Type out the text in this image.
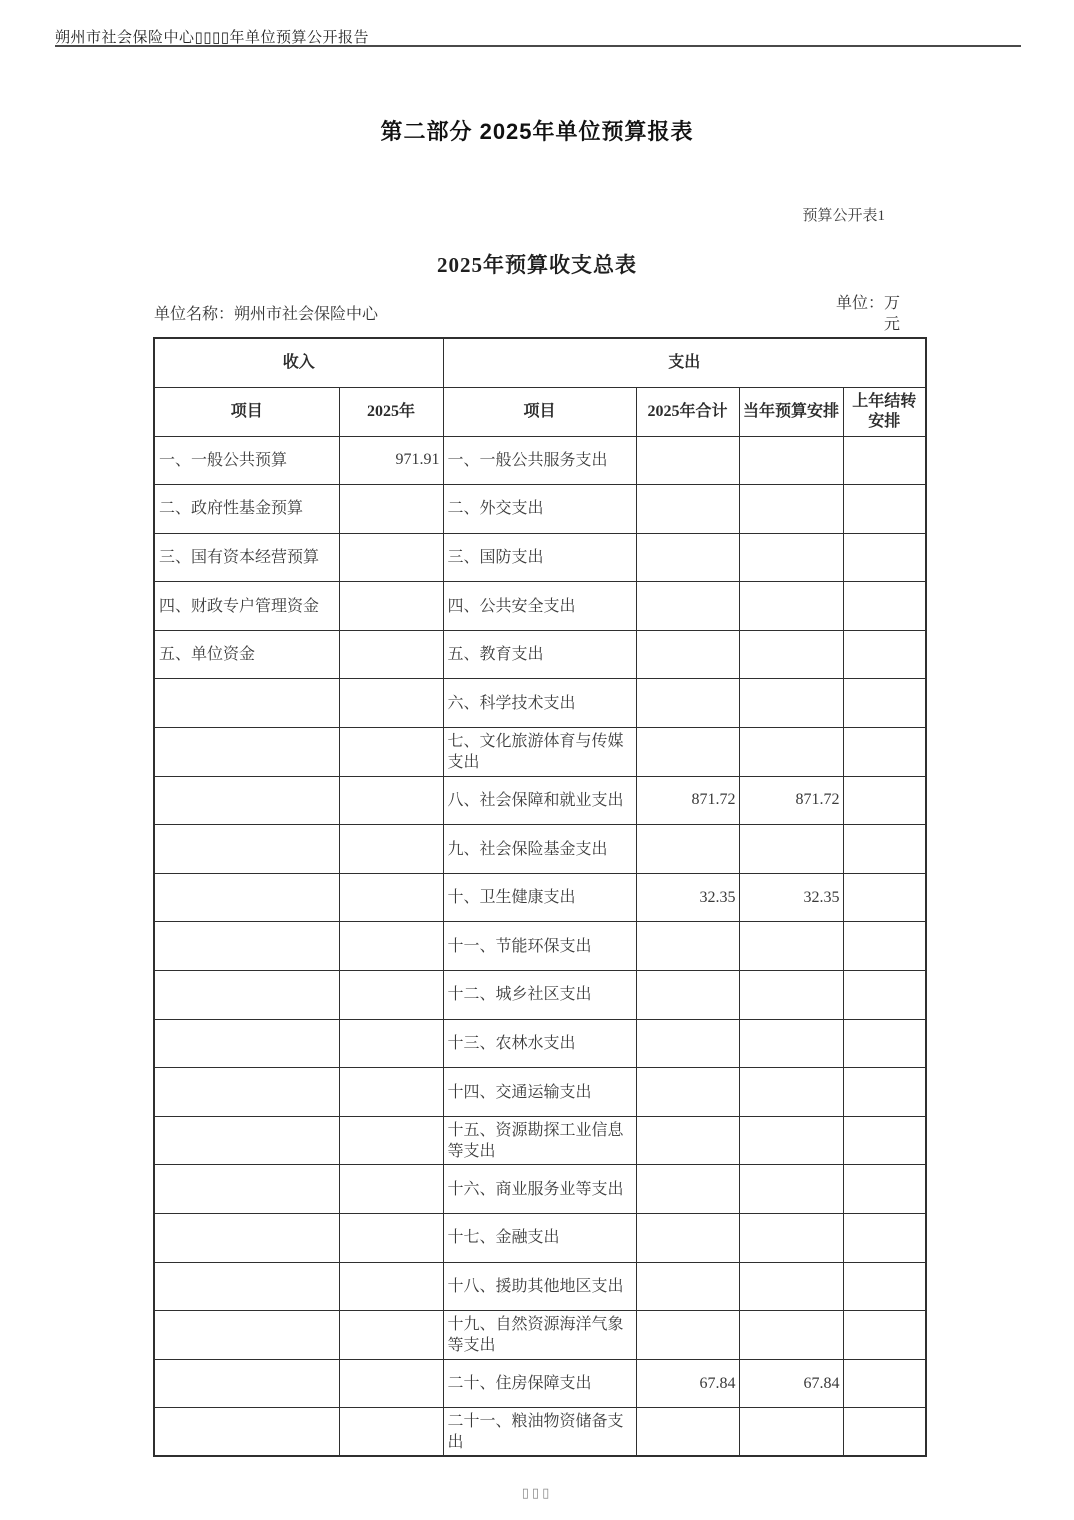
朔州市社会保险中心▯▯▯▯年单位预算公开报告
第二部分 2025年单位预算报表
预算公开表1
2025年预算收支总表
单位名称：朔州市社会保险中心
单位：万元
收入		支出			
项目	2025年	项目	2025年合计	当年预算安排	上年结转安排
一、一般公共预算	971.91	一、一般公共服务支出			
二、政府性基金预算		二、外交支出			
三、国有资本经营预算		三、国防支出			
四、财政专户管理资金		四、公共安全支出			
五、单位资金		五、教育支出			
		六、科学技术支出			
		七、文化旅游体育与传媒支出			
		八、社会保障和就业支出	871.72	871.72	
		九、社会保险基金支出			
		十、卫生健康支出	32.35	32.35	
		十一、节能环保支出			
		十二、城乡社区支出			
		十三、农林水支出			
		十四、交通运输支出			
		十五、资源勘探工业信息等支出			
		十六、商业服务业等支出			
		十七、金融支出			
		十八、援助其他地区支出			
		十九、自然资源海洋气象等支出			
		二十、住房保障支出	67.84	67.84	
		二十一、粮油物资储备支出			
▯▯▯
